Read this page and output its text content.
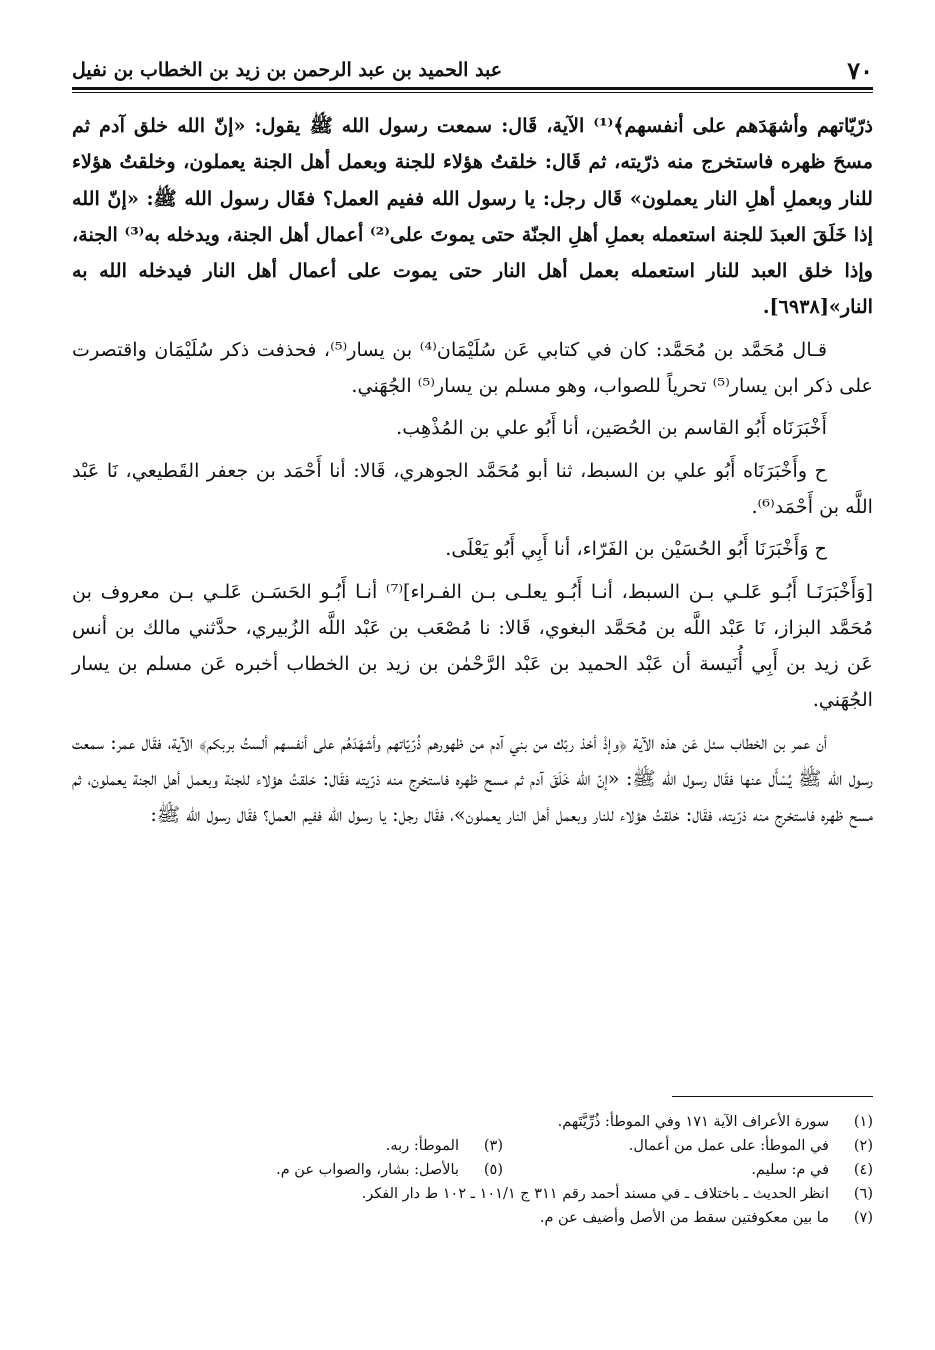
٧٠
عبد الحميد بن عبد الرحمن بن زيد بن الخطاب بن نفيل

ذرّيّاتهم وأشهَدَهم على أنفسهم﴾⁽¹⁾ الآية، قَال: سمعت رسول الله ﷺ يقول: «إنّ الله خلق آدم ثم مسحَ ظهره فاستخرج منه ذرّيته، ثم قَال: خلقتُ هؤلاء للجنة وبعمل أهل الجنة يعملون، وخلقتُ هؤلاء للنار وبعملِ أهلِ النار يعملون» قَال رجل: يا رسول الله ففيم العمل؟ فقَال رسول الله ﷺ: «إنّ الله إذا خَلَقَ العبدَ للجنة استعمله بعملِ أهلِ الجنّة حتى يموتَ على⁽²⁾ أعمال أهل الجنة، ويدخله به⁽³⁾ الجنة، وإذا خلق العبد للنار استعمله بعمل أهل النار حتى يموت على أعمال أهل النار فيدخله الله به النار»[٦٩٣٨].

قـال مُحَمَّد بن مُحَمَّد: كان في كتابي عَن سُلَيْمَان⁽⁴⁾ بن يسار⁽⁵⁾، فحذفت ذكر سُلَيْمَان واقتصرت على ذكر ابن يسار⁽⁵⁾ تحرياً للصواب، وهو مسلم بن يسار⁽⁵⁾ الجُهَني.

أَخْبَرَنَاه أَبُو القاسم بن الحُصَين، أنا أَبُو علي بن المُذْهِب.

ح وأَخْبَرَنَاه أَبُو علي بن السبط، ثنا أبو مُحَمَّد الجوهري، قَالا: أنا أَحْمَد بن جعفر القَطيعي، نَا عَبْد اللَّه بن أَحْمَد⁽⁶⁾.

ح وَأَخْبَرَنَا أَبُو الحُسَيْن بن الفَرّاء، أنا أَبِي أَبُو يَعْلَى.

[وَأَخْبَرَنَـا أَبُـو عَلـي بـن السبط، أنـا أَبُـو يعلـى بـن الفـراء]⁽⁷⁾ أنـا أَبُـو الحَسَـن عَلـي بـن معروف بن مُحَمَّد البزاز، نَا عَبْد اللَّه بن مُحَمَّد البغوي، قَالا: نا مُصْعَب بن عَبْد اللَّه الزُبيري، حدَّثني مالك بن أنس عَن زيد بن أَبِي أُنَيسة أن عَبْد الحميد بن عَبْد الرَّحْمٰن بن زيد بن الخطاب أخبره عَن مسلم بن يسار الجُهَني.

أن عمر بن الخطاب سئل عَن هذه الآية ﴿وإذْ أخذ ربّك من بني آدم من ظهورهم ذُرّيّاتهم وأشهَدَهُم على أنفسهم ألستُ بربكم﴾ الآية، فقَال عمر: سمعت رسول الله ﷺ يُسْأَل عنها فقَال رسول الله ﷺ: «إنّ الله خَلَقَ آدم ثم مسح ظهره فاستخرج منه ذرّيته فقَال: خلقتُ هؤلاء للجنة وبعمل أهل الجنة يعملون، ثم مسح ظهره فاستخرج منه ذرّيته، فقَال: خلقتُ هؤلاء للنار وبعمل أهل النار يعملون»، فقَال رجل: يا رسول الله ففيم العمل؟ فقَال رسول الله ﷺ:

(١)
سورة الأعراف الآية ١٧١ وفي الموطأ: ذُرِّيَّتَهم.
(٢)
في الموطأ: على عمل من أعمال.
(٣)
الموطأ: ربه.
(٤)
في م: سليم.
(٥)
بالأصل: بشار، والصواب عن م.
(٦)
انظر الحديث ـ باختلاف ـ في مسند أحمد رقم ٣١١ ج ١٠١/١ ـ ١٠٢ ط دار الفكر.
(٧)
ما بين معكوفتين سقط من الأصل وأضيف عن م.
